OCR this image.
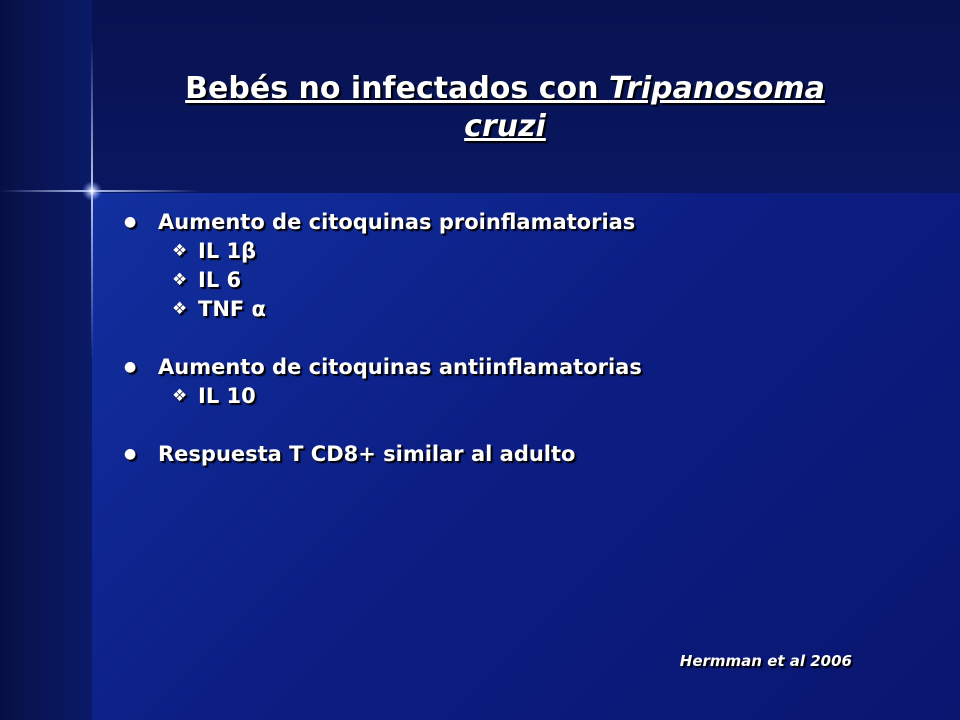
Bebés no infectados con Tripanosoma
cruzi
● Aumento de citoquinas proinflamatorias
❖ IL 1β
❖ IL 6
❖ TNF α
● Aumento de citoquinas antiinflamatorias
❖ IL 10
● Respuesta T CD8+ similar al adulto
Hermman et al 2006
